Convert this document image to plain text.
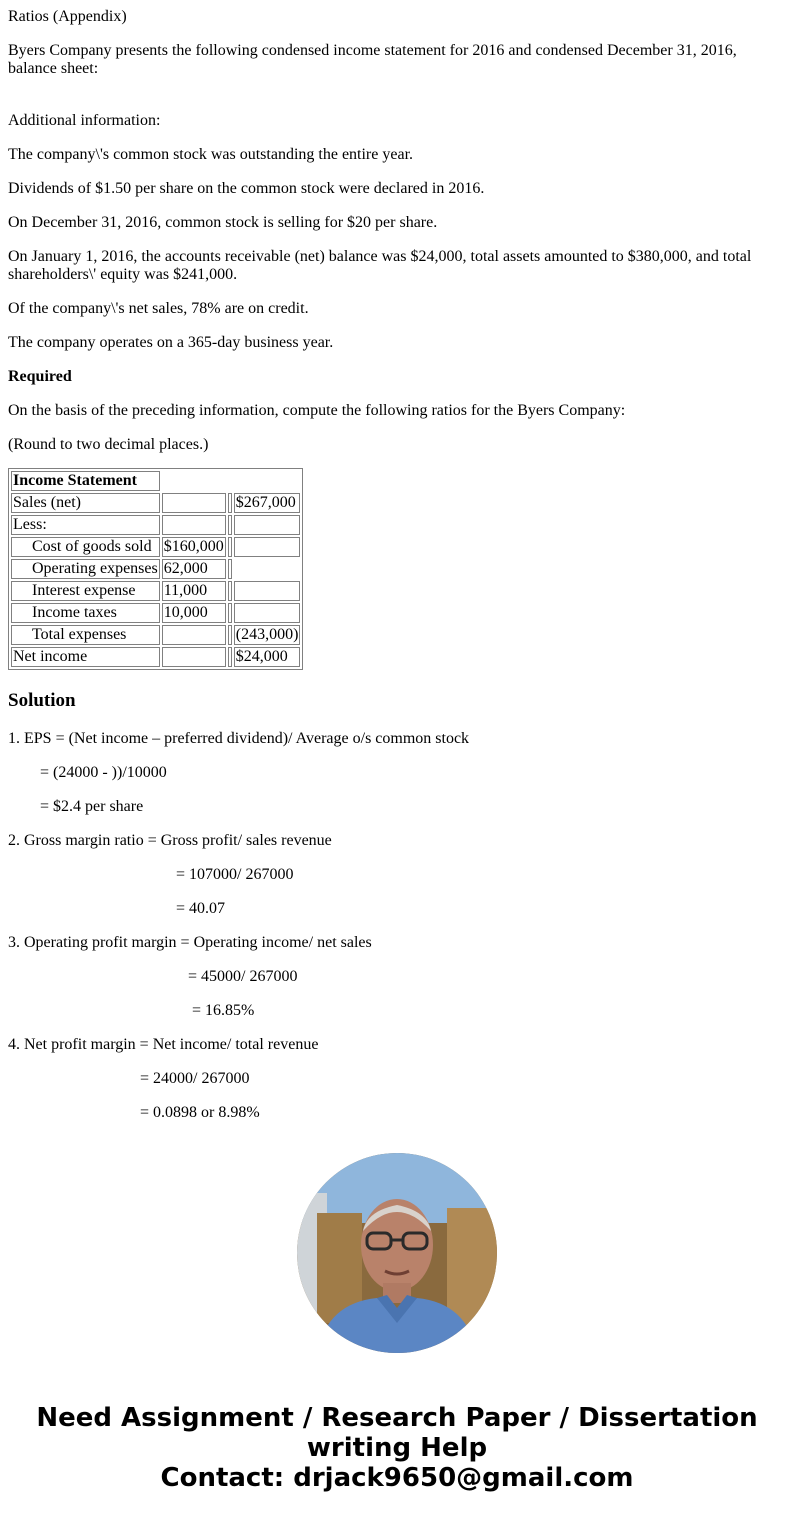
Ratios (Appendix)

Byers Company presents the following condensed income statement for 2016 and condensed December 31, 2016, balance sheet:

Additional information:

The company\'s common stock was outstanding the entire year.

Dividends of $1.50 per share on the common stock were declared in 2016.

On December 31, 2016, common stock is selling for $20 per share.

On January 1, 2016, the accounts receivable (net) balance was $24,000, total assets amounted to $380,000, and total shareholders\' equity was $241,000.

Of the company\'s net sales, 78% are on credit.

The company operates on a 365-day business year.

Required

On the basis of the preceding information, compute the following ratios for the Byers Company:

(Round to two decimal places.)

Income Statement			
Sales (net)			$267,000
Less:			
Cost of goods sold	$160,000		
Operating expenses	62,000		
Interest expense	11,000		
Income taxes	10,000		
Total expenses			(243,000)
Net income			$24,000
Solution

1. EPS = (Net income – preferred dividend)/ Average o/s common stock

= (24000 - ))/10000

= $2.4 per share

2. Gross margin ratio = Gross profit/ sales revenue

= 107000/ 267000

= 40.07

3. Operating profit margin = Operating income/ net sales

= 45000/ 267000

= 16.85%

4. Net profit margin = Net income/ total revenue

= 24000/ 267000

= 0.0898 or 8.98%

Need Assignment / Research Paper / Dissertation
writing Help
Contact: drjack9650@gmail.com
